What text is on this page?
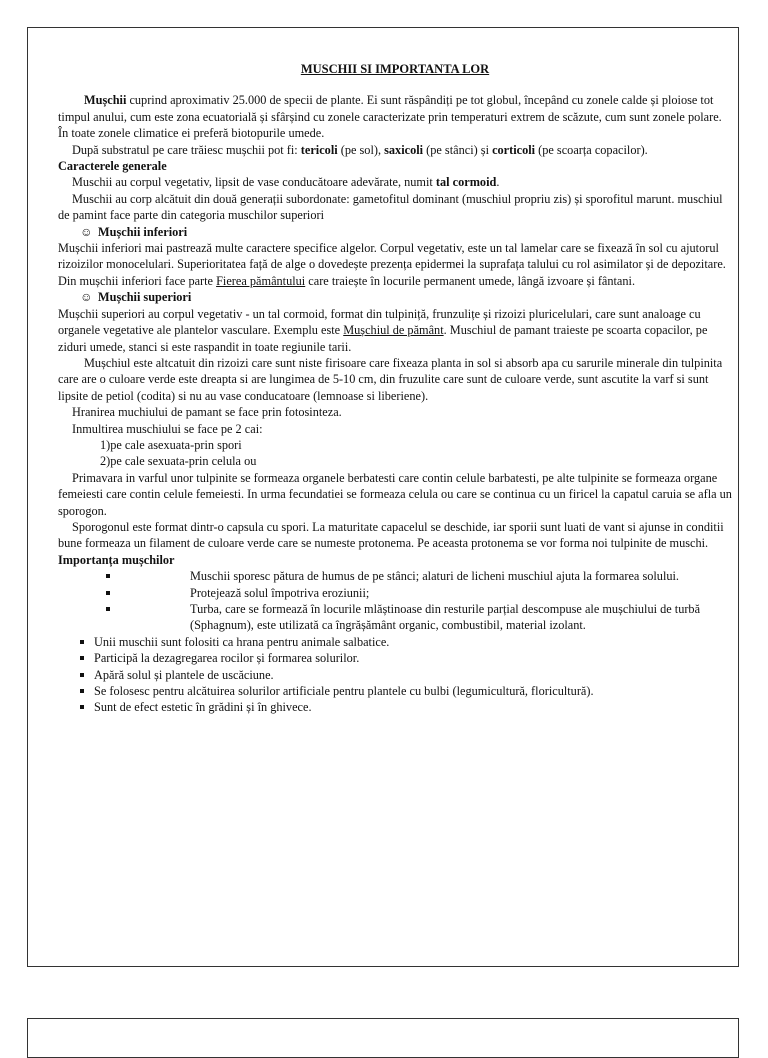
MUSCHII SI IMPORTANTA LOR

Mușchii cuprind aproximativ 25.000 de specii de plante. Ei sunt răspândiți pe tot globul, începând cu zonele calde și ploiose tot timpul anului, cum este zona ecuatorială și sfârșind cu zonele caracterizate prin temperaturi extrem de scăzute, cum sunt zonele polare. În toate zonele climatice ei preferă biotopurile umede.

După substratul pe care trăiesc mușchii pot fi: tericoli (pe sol), saxicoli (pe stânci) și corticoli (pe scoarța copacilor).

Caracterele generale

Muschii au corpul vegetativ, lipsit de vase conducătoare adevărate, numit tal cormoid.

Muschii au corp alcătuit din două generații subordonate: gametofitul dominant (muschiul propriu zis) și sporofitul marunt. muschiul de pamint face parte din categoria muschilor superiori

☺ Mușchii inferiori

Mușchii inferiori mai pastrează multe caractere specifice algelor. Corpul vegetativ, este un tal lamelar care se fixează în sol cu ajutorul rizoizilor monocelulari. Superioritatea față de alge o dovedește prezența epidermei la suprafața talului cu rol asimilator și de depozitare. Din mușchii inferiori face parte Fierea pământului care traiește în locurile permanent umede, lângă izvoare și fântani.

☺ Mușchii superiori

Mușchii superiori au corpul vegetativ - un tal cormoid, format din tulpiniță, frunzulițe și rizoizi pluricelulari, care sunt analoage cu organele vegetative ale plantelor vasculare. Exemplu este Mușchiul de pământ. Muschiul de pamant traieste pe scoarta copacilor, pe ziduri umede, stanci si este raspandit in toate regiunile tarii.

Mușchiul este altcatuit din rizoizi care sunt niste firisoare care fixeaza planta in sol si absorb apa cu sarurile minerale din tulpinita care are o culoare verde este dreapta si are lungimea de 5-10 cm, din fruzulite care sunt de culoare verde, sunt ascutite la varf si sunt lipsite de petiol (codita) si nu au vase conducatoare (lemnoase si liberiene).

Hranirea muchiului de pamant se face prin fotosinteza.

Inmultirea muschiului se face pe 2 cai:

1)pe cale asexuata-prin spori

2)pe cale sexuata-prin celula ou

Primavara in varful unor tulpinite se formeaza organele berbatesti care contin celule barbatesti, pe alte tulpinite se formeaza organe femeiesti care contin celule femeiesti. In urma fecundatiei se formeaza celula ou care se continua cu un firicel la capatul caruia se afla un sporogon.

Sporogonul este format dintr-o capsula cu spori. La maturitate capacelul se deschide, iar sporii sunt luati de vant si ajunse in conditii bune formeaza un filament de culoare verde care se numeste protonema. Pe aceasta protonema se vor forma noi tulpinite de muschi.

Importanța mușchilor

Muschii sporesc pătura de humus de pe stânci; alaturi de licheni muschiul ajuta la formarea solului.
Protejează solul împotriva eroziunii;
Turba, care se formează în locurile mlăștinoase din resturile parțial descompuse ale mușchiului de turbă (Sphagnum), este utilizată ca îngrășământ organic, combustibil, material izolant.
Unii muschii sunt folositi ca hrana pentru animale salbatice.
Participă la dezagregarea rocilor și formarea solurilor.
Apără solul și plantele de uscăciune.
Se folosesc pentru alcătuirea solurilor artificiale pentru plantele cu bulbi (legumicultură, floricultură).
Sunt de efect estetic în grădini și în ghivece.
